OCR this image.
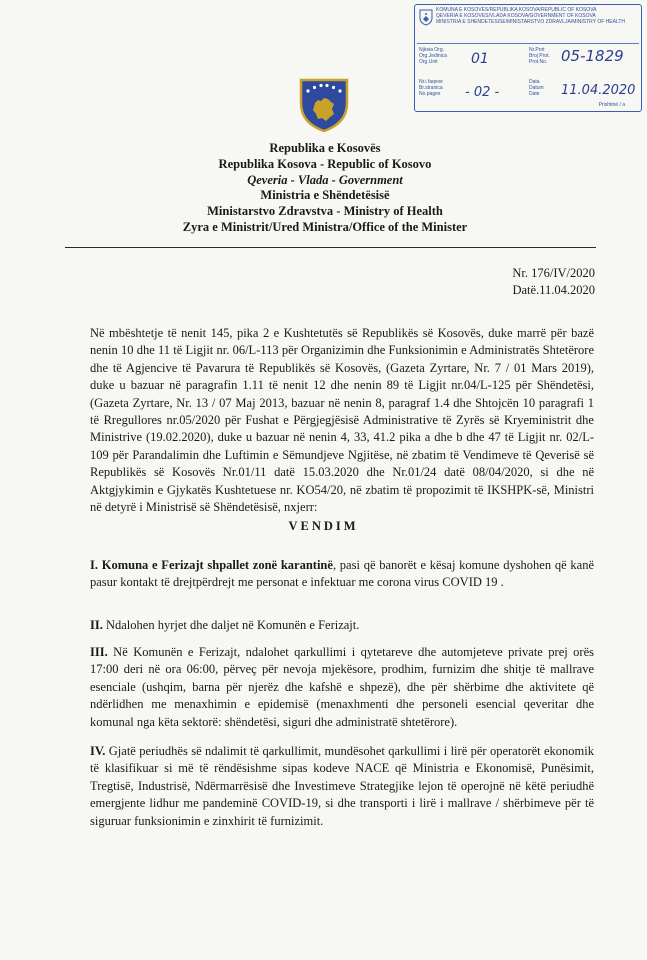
KOMUNA E KOSOVËS/REPUBLIKA KOSOVA/REPUBLIC OF KOSOVA
QEVERIA E KOSOVËS/VLADA KOSOVA/GOVERNMENT OF KOSOVA
MINISTRIA E SHËNDETËSISË/MINISTARSTVO ZDRAVLJA/MINISTRY OF HEALTH
Njësia Org.
Org.Jedinica
Org.Unit
Nr.i faqeve
Br.stranica
No.pages
Nr.Prot
Broj Prot.
Prot.No.
Data
Datum
Date
01
- 02 -
05-1829
11.04.2020
Prishtinë / a
Republika e Kosovës
Republika Kosova - Republic of Kosovo
Qeveria - Vlada - Government
Ministria e Shëndetësisë
Ministarstvo Zdravstva - Ministry of Health
Zyra e Ministrit/Ured Ministra/Office of the Minister
Nr. 176/IV/2020
Datë.11.04.2020

Në mbështetje të nenit 145, pika 2 e Kushtetutës së Republikës së Kosovës, duke marrë për bazë nenin 10 dhe 11 të Ligjit nr. 06/L-113 për Organizimin dhe Funksionimin e Administratës Shtetërore dhe të Agjencive të Pavarura të Republikës së Kosovës, (Gazeta Zyrtare, Nr. 7 / 01 Mars 2019), duke u bazuar në paragrafin 1.11 të nenit 12 dhe nenin 89 të Ligjit nr.04/L-125 për Shëndetësi, (Gazeta Zyrtare, Nr. 13 / 07 Maj 2013, bazuar në nenin 8, paragraf 1.4 dhe Shtojcën 10 paragrafi 1 të Rregullores nr.05/2020 për Fushat e Përgjegjësisë Administrative të Zyrës së Kryeministrit dhe Ministrive (19.02.2020), duke u bazuar në nenin 4, 33, 41.2 pika a dhe b dhe 47 të Ligjit nr. 02/L-109 për Parandalimin dhe Luftimin e Sëmundjeve Ngjitëse, në zbatim të Vendimeve të Qeverisë së Republikës së Kosovës Nr.01/11 datë 15.03.2020 dhe Nr.01/24 datë 08/04/2020, si dhe në Aktgjykimin e Gjykatës Kushtetuese nr. KO54/20, në zbatim të propozimit të IKSHPK-së, Ministri në detyrë i Ministrisë së Shëndetësisë, nxjerr:

VENDIM

I. Komuna e Ferizajt shpallet zonë karantinë, pasi që banorët e kësaj komune dyshohen që kanë pasur kontakt të drejtpërdrejt me personat e infektuar me corona virus COVID 19 .

II. Ndalohen hyrjet dhe daljet në Komunën e Ferizajt.

III. Në Komunën e Ferizajt, ndalohet qarkullimi i qytetareve dhe automjeteve private prej orës 17:00 deri në ora 06:00, përveç për nevoja mjekësore, prodhim, furnizim dhe shitje të mallrave esenciale (ushqim, barna për njerëz dhe kafshë e shpezë), dhe për shërbime dhe aktivitete që ndërlidhen me menaxhimin e epidemisë (menaxhmenti dhe personeli esencial qeveritar dhe komunal nga këta sektorë: shëndetësi, siguri dhe administratë shtetërore).

IV. Gjatë periudhës së ndalimit të qarkullimit, mundësohet qarkullimi i lirë për operatorët ekonomik të klasifikuar si më të rëndësishme sipas kodeve NACE që Ministria e Ekonomisë, Punësimit, Tregtisë, Industrisë, Ndërmarrësisë dhe Investimeve Strategjike lejon të operojnë në këtë periudhë emergjente lidhur me pandeminë COVID-19, si dhe transporti i lirë i mallrave / shërbimeve për të siguruar funksionimin e zinxhirit të furnizimit.
